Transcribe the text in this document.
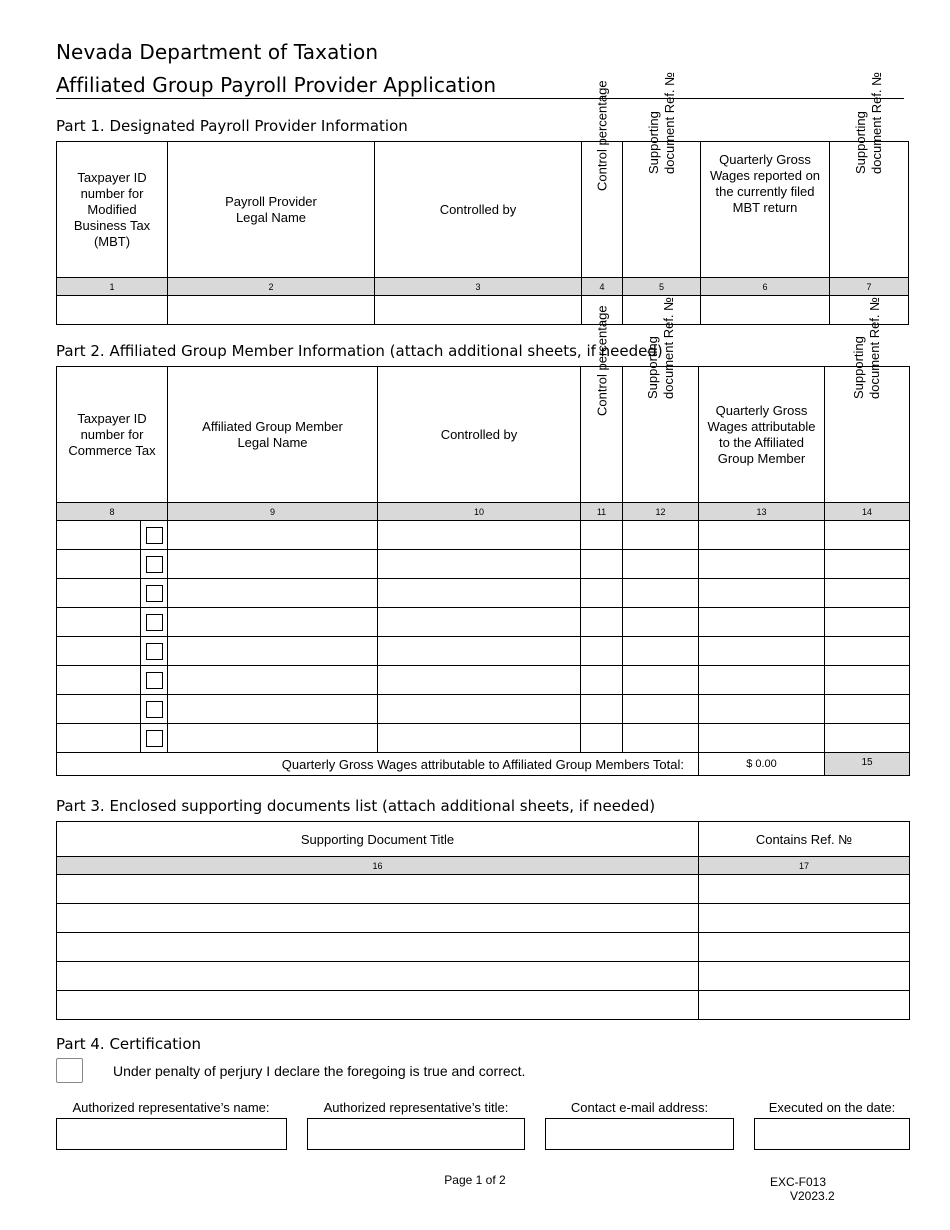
Nevada Department of Taxation
Affiliated Group Payroll Provider Application
Part 1. Designated Payroll Provider Information
Taxpayer ID number for Modified Business Tax (MBT)	Payroll Provider Legal Name	Controlled by	Control percentage	Supporting document Ref. №	Quarterly Gross Wages reported on the currently filed MBT return	Supporting document Ref. №

1	2	3	4	5	6	7

Part 2. Affiliated Group Member Information (attach additional sheets, if needed)
Taxpayer ID number for Commerce Tax		Affiliated Group Member Legal Name	Controlled by	Control percentage	Supporting document Ref. №	Quarterly Gross Wages attributable to the Affiliated Group Member	Supporting document Ref. №

8		9	10	11	12	13	14

Quarterly Gross Wages attributable to Affiliated Group Members Total:						$ 0.00	15
Part 3. Enclosed supporting documents list (attach additional sheets, if needed)
Supporting Document Title	Contains Ref. №
16	17

Part 4. Certification
Under penalty of perjury I declare the foregoing is true and correct.
Authorized representative’s name:	Authorized representative’s title:	Contact e-mail address:	Executed on the date:
Page 1 of 2	EXC-F013
V2023.2
